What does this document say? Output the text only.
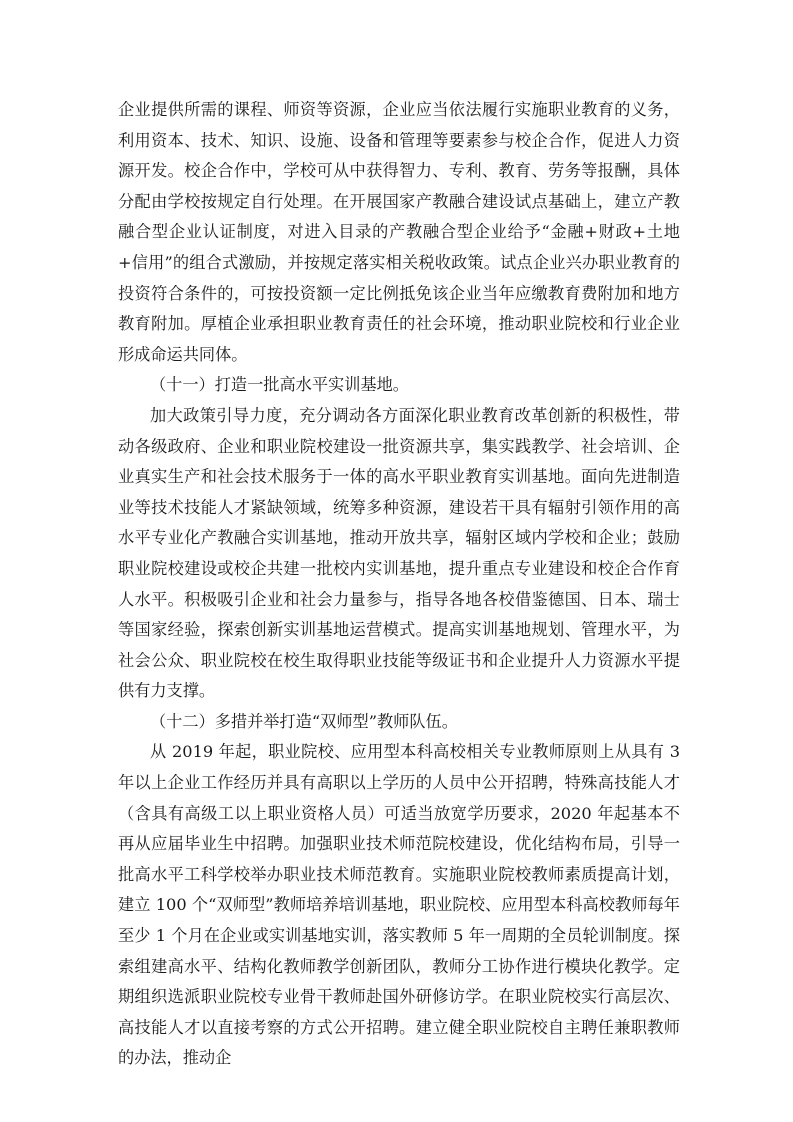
企业提供所需的课程、师资等资源，企业应当依法履行实施职业教育的义务，利用资本、技术、知识、设施、设备和管理等要素参与校企合作，促进人力资源开发。校企合作中，学校可从中获得智力、专利、教育、劳务等报酬，具体分配由学校按规定自行处理。在开展国家产教融合建设试点基础上，建立产教融合型企业认证制度，对进入目录的产教融合型企业给予“金融+财政+土地+信用”的组合式激励，并按规定落实相关税收政策。试点企业兴办职业教育的投资符合条件的，可按投资额一定比例抵免该企业当年应缴教育费附加和地方教育附加。厚植企业承担职业教育责任的社会环境，推动职业院校和行业企业形成命运共同体。

（十一）打造一批高水平实训基地。

加大政策引导力度，充分调动各方面深化职业教育改革创新的积极性，带动各级政府、企业和职业院校建设一批资源共享，集实践教学、社会培训、企业真实生产和社会技术服务于一体的高水平职业教育实训基地。面向先进制造业等技术技能人才紧缺领域，统筹多种资源，建设若干具有辐射引领作用的高水平专业化产教融合实训基地，推动开放共享，辐射区域内学校和企业；鼓励职业院校建设或校企共建一批校内实训基地，提升重点专业建设和校企合作育人水平。积极吸引企业和社会力量参与，指导各地各校借鉴德国、日本、瑞士等国家经验，探索创新实训基地运营模式。提高实训基地规划、管理水平，为社会公众、职业院校在校生取得职业技能等级证书和企业提升人力资源水平提供有力支撑。

（十二）多措并举打造“双师型”教师队伍。

从 2019 年起，职业院校、应用型本科高校相关专业教师原则上从具有 3 年以上企业工作经历并具有高职以上学历的人员中公开招聘，特殊高技能人才（含具有高级工以上职业资格人员）可适当放宽学历要求，2020 年起基本不再从应届毕业生中招聘。加强职业技术师范院校建设，优化结构布局，引导一批高水平工科学校举办职业技术师范教育。实施职业院校教师素质提高计划，建立 100 个“双师型”教师培养培训基地，职业院校、应用型本科高校教师每年至少 1 个月在企业或实训基地实训，落实教师 5 年一周期的全员轮训制度。探索组建高水平、结构化教师教学创新团队，教师分工协作进行模块化教学。定期组织选派职业院校专业骨干教师赴国外研修访学。在职业院校实行高层次、高技能人才以直接考察的方式公开招聘。建立健全职业院校自主聘任兼职教师的办法，推动企
